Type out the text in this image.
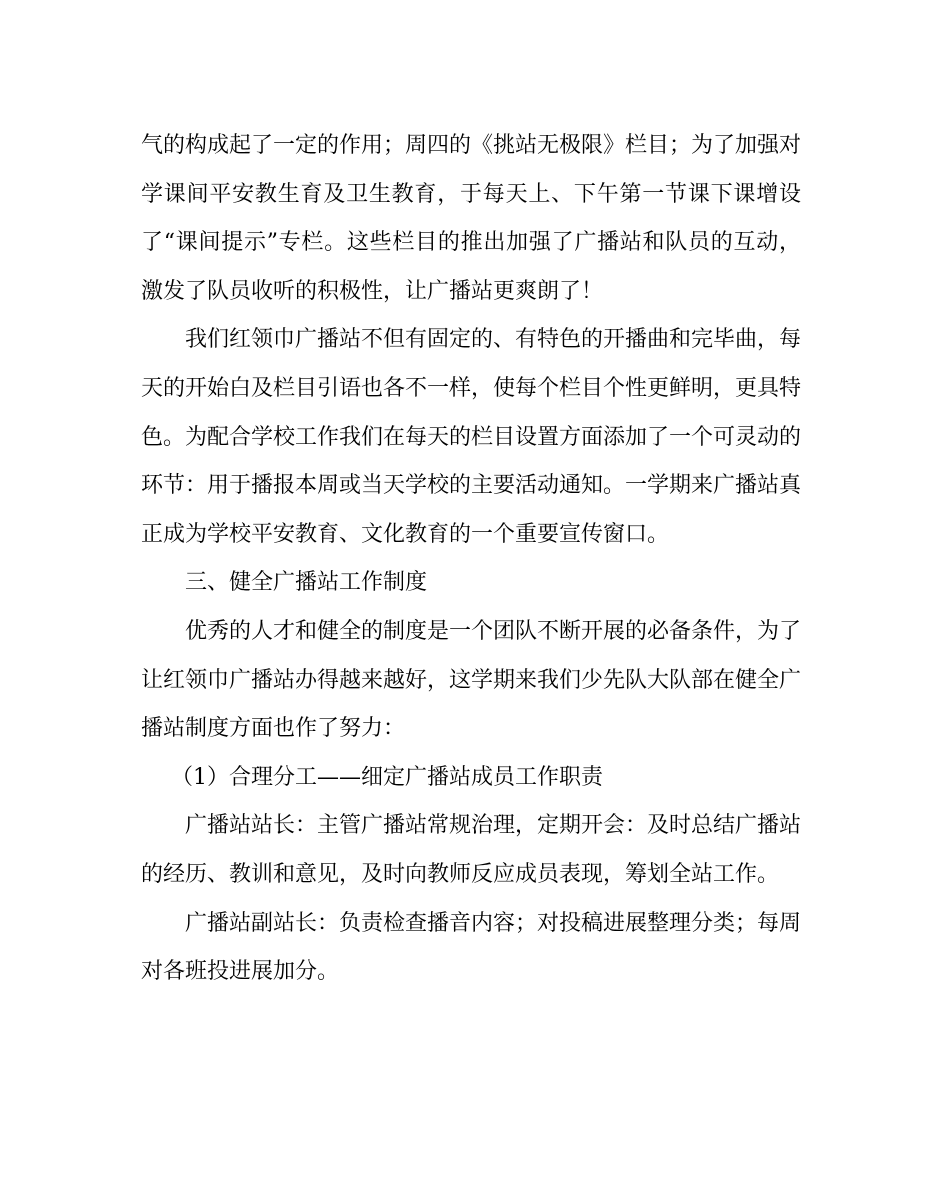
气的构成起了一定的作用；周四的《挑站无极限》栏目；为了加强对学课间平安教生育及卫生教育，于每天上、下午第一节课下课增设了“课间提示”专栏。这些栏目的推出加强了广播站和队员的互动，激发了队员收听的积极性，让广播站更爽朗了！

我们红领巾广播站不但有固定的、有特色的开播曲和完毕曲，每天的开始白及栏目引语也各不一样，使每个栏目个性更鲜明，更具特色。为配合学校工作我们在每天的栏目设置方面添加了一个可灵动的环节：用于播报本周或当天学校的主要活动通知。一学期来广播站真正成为学校平安教育、文化教育的一个重要宣传窗口。

三、健全广播站工作制度

优秀的人才和健全的制度是一个团队不断开展的必备条件，为了让红领巾广播站办得越来越好，这学期来我们少先队大队部在健全广播站制度方面也作了努力：

（1）合理分工——细定广播站成员工作职责

广播站站长：主管广播站常规治理，定期开会：及时总结广播站的经历、教训和意见，及时向教师反应成员表现，筹划全站工作。

广播站副站长：负责检查播音内容；对投稿进展整理分类；每周对各班投进展加分。
